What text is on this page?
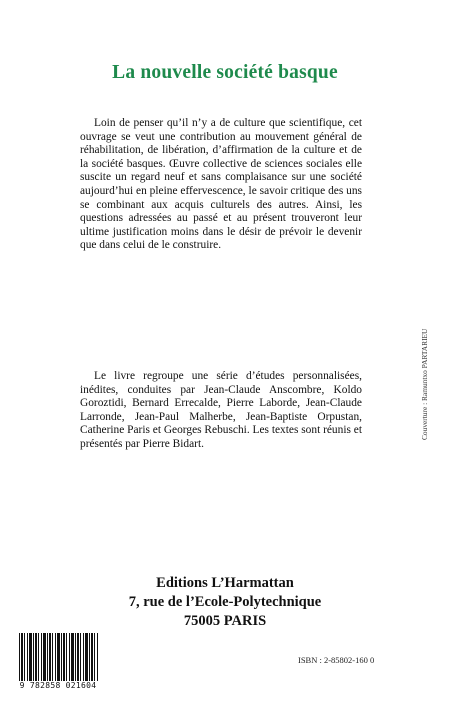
La nouvelle société basque

Loin de penser qu’il n’y a de culture que scientifique, cet ouvrage se veut une contribution au mouvement général de réhabilitation, de libération, d’affirmation de la culture et de la société basques. Œuvre collective de sciences sociales elle suscite un regard neuf et sans complaisance sur une société aujourd’hui en pleine effervescence, le savoir critique des uns se combinant aux acquis culturels des autres. Ainsi, les questions adressées au passé et au présent trouveront leur ultime justification moins dans le désir de prévoir le devenir que dans celui de le construire.

Le livre regroupe une série d’études personnalisées, inédites, conduites par Jean-Claude Anscombre, Koldo Goroztidi, Bernard Errecalde, Pierre Laborde, Jean-Claude Larronde, Jean-Paul Malherbe, Jean-Baptiste Orpustan, Catherine Paris et Georges Rebuschi. Les textes sont réunis et présentés par Pierre Bidart.

Editions L’Harmattan
7, rue de l’Ecole-Polytechnique
75005 PARIS
Couverture : Ramuntxo PARTARIEU
ISBN : 2-85802-160 0
9 782858 021604
